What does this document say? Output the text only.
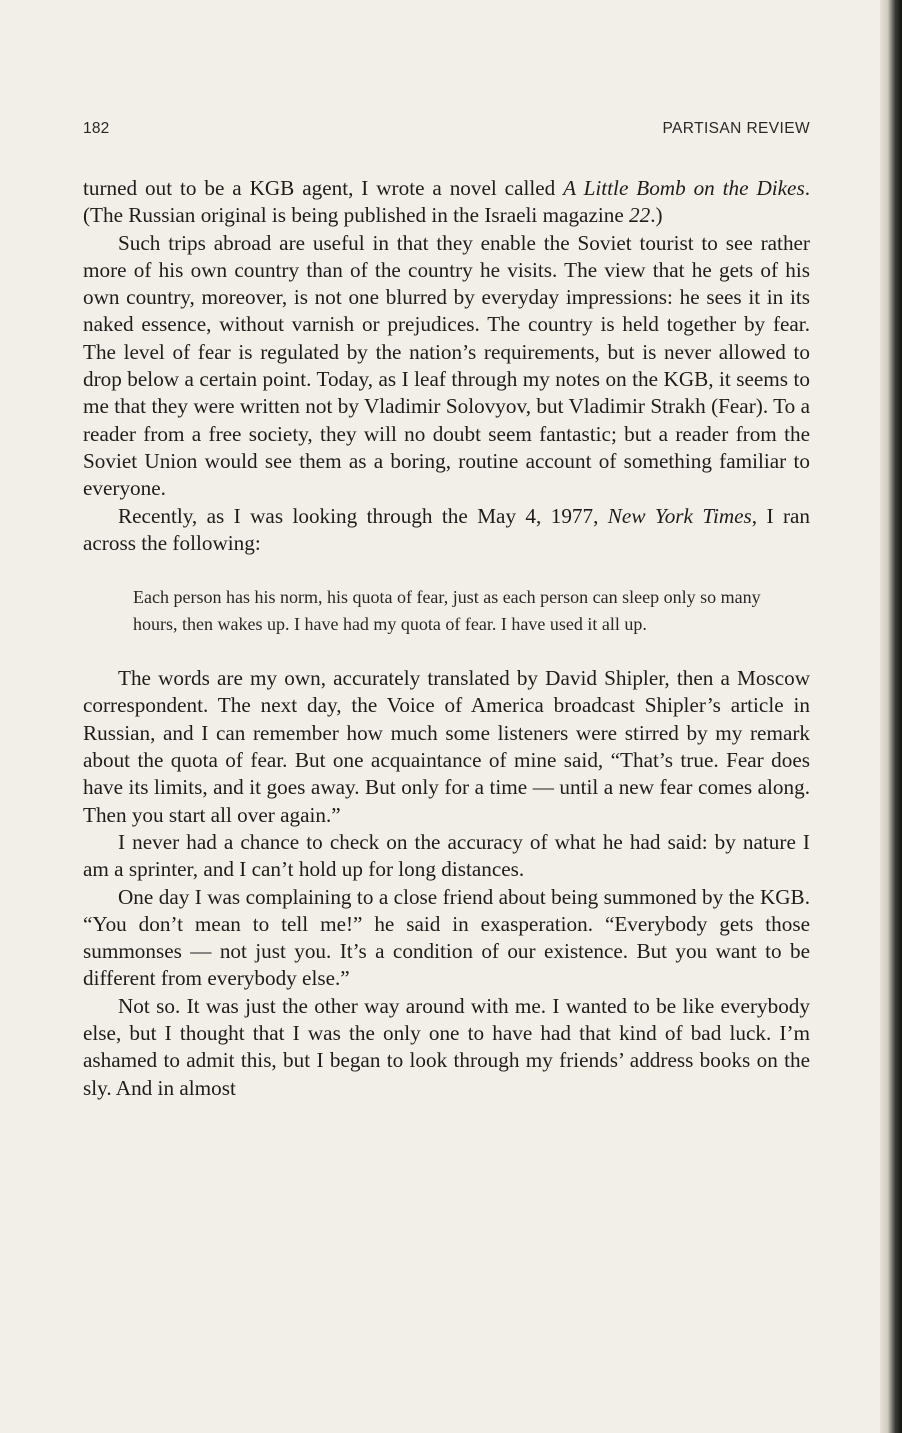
182	PARTISAN REVIEW

turned out to be a KGB agent, I wrote a novel called A Little Bomb on the Dikes. (The Russian original is being published in the Israeli magazine 22.)

Such trips abroad are useful in that they enable the Soviet tourist to see rather more of his own country than of the country he visits. The view that he gets of his own country, moreover, is not one blurred by everyday impressions: he sees it in its naked essence, without varnish or prejudices. The country is held together by fear. The level of fear is regulated by the nation’s requirements, but is never allowed to drop below a certain point. Today, as I leaf through my notes on the KGB, it seems to me that they were written not by Vladimir Solovyov, but Vladimir Strakh (Fear). To a reader from a free society, they will no doubt seem fantastic; but a reader from the Soviet Union would see them as a boring, routine account of something familiar to everyone.

Recently, as I was looking through the May 4, 1977, New York Times, I ran across the following:

Each person has his norm, his quota of fear, just as each person can sleep only so many hours, then wakes up. I have had my quota of fear. I have used it all up.

The words are my own, accurately translated by David Shipler, then a Moscow correspondent. The next day, the Voice of America broadcast Shipler’s article in Russian, and I can remember how much some listeners were stirred by my remark about the quota of fear. But one acquaintance of mine said, “That’s true. Fear does have its limits, and it goes away. But only for a time — until a new fear comes along. Then you start all over again.”

I never had a chance to check on the accuracy of what he had said: by nature I am a sprinter, and I can’t hold up for long distances.

One day I was complaining to a close friend about being summoned by the KGB. “You don’t mean to tell me!” he said in exasperation. “Everybody gets those summonses — not just you. It’s a condition of our existence. But you want to be different from everybody else.”

Not so. It was just the other way around with me. I wanted to be like everybody else, but I thought that I was the only one to have had that kind of bad luck. I’m ashamed to admit this, but I began to look through my friends’ address books on the sly. And in almost
